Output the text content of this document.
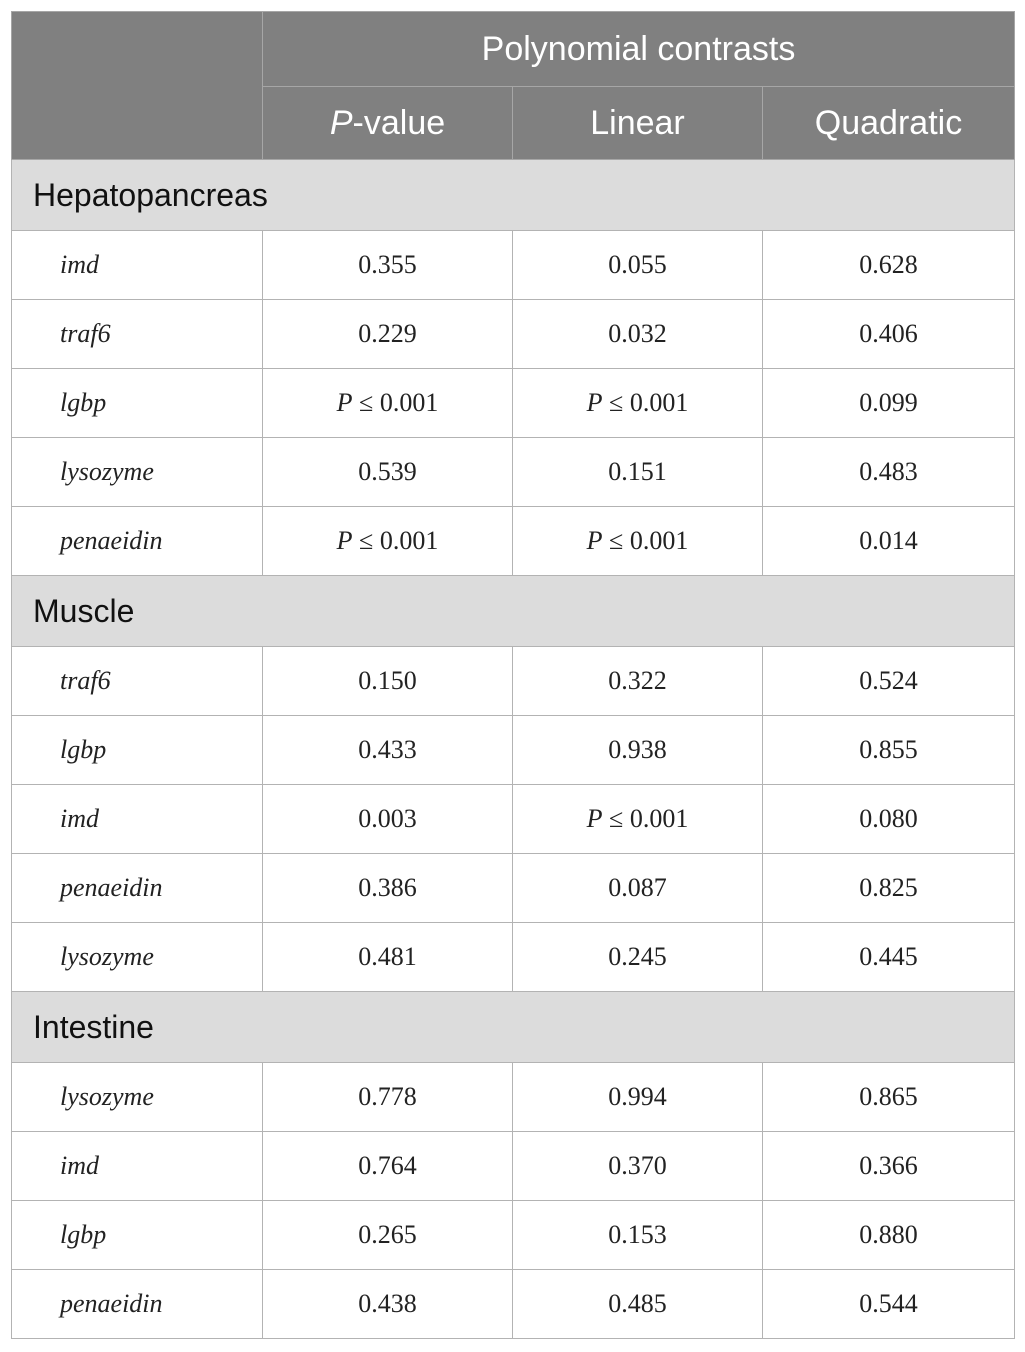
	Polynomial contrasts		
	P-value	Linear	Quadratic
Hepatopancreas			
imd	0.355	0.055	0.628
traf6	0.229	0.032	0.406
lgbp	P ≤ 0.001	P ≤ 0.001	0.099
lysozyme	0.539	0.151	0.483
penaeidin	P ≤ 0.001	P ≤ 0.001	0.014
Muscle			
traf6	0.150	0.322	0.524
lgbp	0.433	0.938	0.855
imd	0.003	P ≤ 0.001	0.080
penaeidin	0.386	0.087	0.825
lysozyme	0.481	0.245	0.445
Intestine			
lysozyme	0.778	0.994	0.865
imd	0.764	0.370	0.366
lgbp	0.265	0.153	0.880
penaeidin	0.438	0.485	0.544
